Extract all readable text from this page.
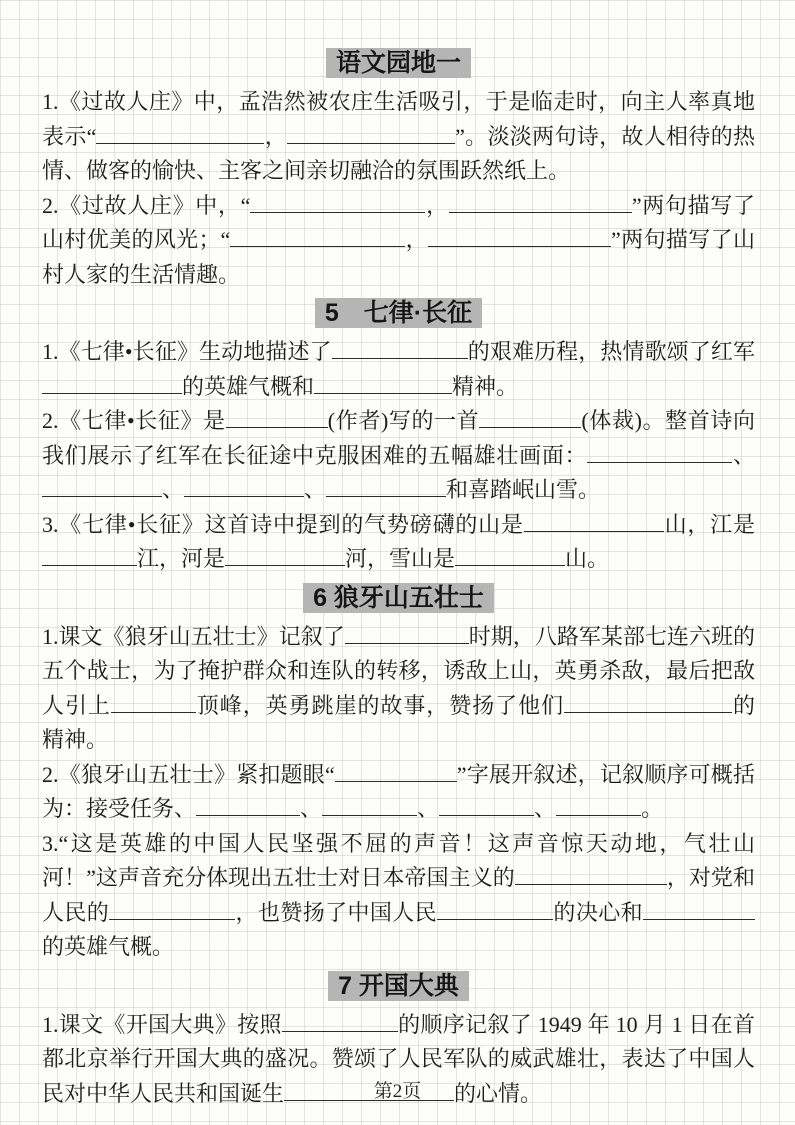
语文园地一

1.《过故人庄》中，孟浩然被农庄生活吸引，于是临走时，向主人率真地表示“	，	”。淡淡两句诗，故人相待的热情、做客的愉快、主客之间亲切融洽的氛围跃然纸上。

2.《过故人庄》中，“	，	”两句描写了山村优美的风光；“	，	”两句描写了山村人家的生活情趣。

5　七律·长征

1.《七律•长征》生动地描述了	的艰难历程，热情歌颂了红军的英雄气概和	精神。

2.《七律•长征》是	(作者)写的一首	(体裁)。整首诗向我们展示了红军在长征途中克服困难的五幅雄壮画面：	、、	、	和喜踏岷山雪。

3.《七律•长征》这首诗中提到的气势磅礴的山是	山，江是江，河是	河，雪山是	山。

6 狼牙山五壮士

1.课文《狼牙山五壮士》记叙了	时期，八路军某部七连六班的五个战士，为了掩护群众和连队的转移，诱敌上山，英勇杀敌，最后把敌人引上	顶峰，英勇跳崖的故事，赞扬了他们	的精神。

2.《狼牙山五壮士》紧扣题眼“	”字展开叙述，记叙顺序可概括为：接受任务、	、	、	、	。

3.“这是英雄的中国人民坚强不屈的声音！这声音惊天动地，气壮山河！”这声音充分体现出五壮士对日本帝国主义的	，对党和人民的	，也赞扬了中国人民	的决心和的英雄气概。

7 开国大典

1.课文《开国大典》按照	的顺序记叙了 1949 年 10 月 1 日在首都北京举行开国大典的盛况。赞颂了人民军队的威武雄壮，表达了中国人民对中华人民共和国诞生	的心情。

第2页
